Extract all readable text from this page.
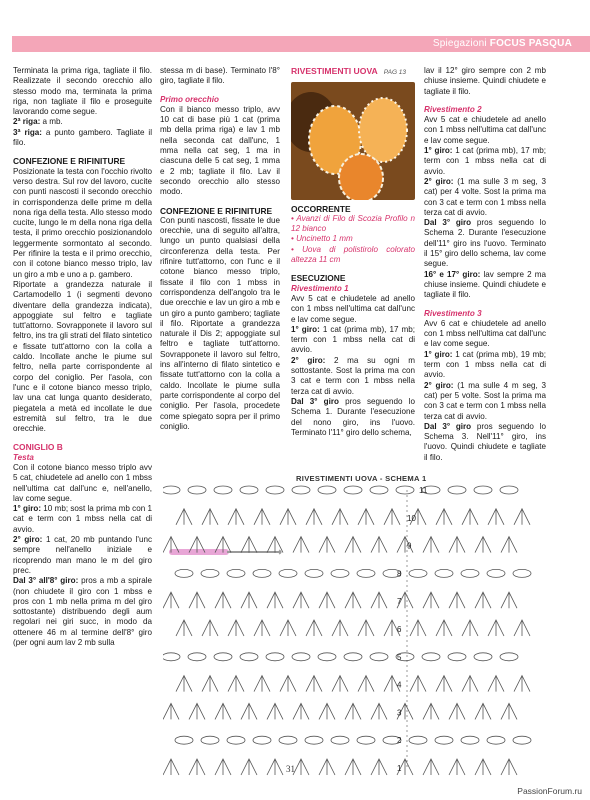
Spiegazioni FOCUS PASQUA

Terminata la prima riga, tagliate il filo. Realizzate il secondo orecchio allo stesso modo ma, terminata la prima riga, non tagliate il filo e proseguite lavorando come segue.

2ª riga: a mb.

3ª riga: a punto gambero. Tagliate il filo.

CONFEZIONE E RIFINITURE

Posizionate la testa con l'occhio rivolto verso destra. Sul rov del lavoro, cucite con punti nascosti il secondo orecchio in corrispondenza delle prime m della nona riga della testa. Allo stesso modo cucite, lungo le m della nona riga della testa, il primo orecchio posizionandolo leggermente sormontato al secondo. Per rifinire la testa e il primo orecchio, con il cotone bianco messo triplo, lav un giro a mb e uno a p. gambero.

Riportate a grandezza naturale il Cartamodello 1 (i segmenti devono diventare della grandezza indicata), appoggiate sul feltro e tagliate tutt'attorno. Sovrapponete il lavoro sul feltro, ins tra gli strati del filato sintetico e fissate tutt'attorno con la colla a caldo. Incollate anche le piume sul feltro, nella parte corrispondente al corpo del coniglio. Per l'asola, con l'unc e il cotone bianco messo triplo, lav una cat lunga quanto desiderato, piegatela a metà ed incollate le due estremità sul feltro, tra le due orecchie.

CONIGLIO B

Testa

Con il cotone bianco messo triplo avv 5 cat, chiudetele ad anello con 1 mbss nell'ultima cat dall'unc e, nell'anello, lav come segue.

1° giro: 10 mb; sost la prima mb con 1 cat e term con 1 mbss nella cat di avvio.

2° giro: 1 cat, 20 mb puntando l'unc sempre nell'anello iniziale e ricoprendo man mano le m del giro prec.

Dal 3° all'8° giro: pros a mb a spirale (non chiudete il giro con 1 mbss e pros con 1 mb nella prima m del giro sottostante) distribuendo degli aum regolari nei giri succ, in modo da ottenere 46 m al termine dell'8° giro (per ogni aum lav 2 mb sulla

stessa m di base). Terminato l'8° giro, tagliate il filo.

Primo orecchio

Con il bianco messo triplo, avv 10 cat di base più 1 cat (prima mb della prima riga) e lav 1 mb nella seconda cat dall'unc, 1 mma nella cat seg, 1 ma in ciascuna delle 5 cat seg, 1 mma e 2 mb; tagliate il filo. Lav il secondo orecchio allo stesso modo.

CONFEZIONE E RIFINITURE

Con punti nascosti, fissate le due orecchie, una di seguito all'altra, lungo un punto qualsiasi della circonferenza della testa. Per rifinire tutt'attorno, con l'unc e il cotone bianco messo triplo, fissate il filo con 1 mbss in corrispondenza dell'angolo tra le due orecchie e lav un giro a mb e un giro a punto gambero; tagliate il filo. Riportate a grandezza naturale il Dis 2; appoggiate sul feltro e tagliate tutt'attorno. Sovrapponete il lavoro sul feltro, ins all'interno di filato sintetico e fissate tutt'attorno con la colla a caldo. Incollate le piume sulla parte corrispondente al corpo del coniglio. Per l'asola, procedete come spiegato sopra per il primo coniglio.

RIVESTIMENTI UOVA PAG 13

OCCORRENTE

• Avanzi di Filo di Scozia Profilo n 12 bianco

• Uncinetto 1 mm

• Uova di polistirolo colorato altezza 11 cm

ESECUZIONE

Rivestimento 1

Avv 5 cat e chiudetele ad anello con 1 mbss nell'ultima cat dall'unc e lav come segue.

1° giro: 1 cat (prima mb), 17 mb; term con 1 mbss nella cat di avvio.

2° giro: 2 ma su ogni m sottostante. Sost la prima ma con 3 cat e term con 1 mbss nella terza cat di avvio.

Dal 3° giro pros seguendo lo Schema 1. Durante l'esecuzione del nono giro, ins l'uovo. Terminato l'11° giro dello schema,

lav il 12° giro sempre con 2 mb chiuse insieme. Quindi chiudete e tagliate il filo.

Rivestimento 2

Avv 5 cat e chiudetele ad anello con 1 mbss nell'ultima cat dall'unc e lav come segue.

1° giro: 1 cat (prima mb), 17 mb; term con 1 mbss nella cat di avvio.

2° giro: (1 ma sulle 3 m seg, 3 cat) per 4 volte. Sost la prima ma con 3 cat e term con 1 mbss nella terza cat di avvio.

Dal 3° giro pros seguendo lo Schema 2. Durante l'esecuzione dell'11° giro ins l'uovo. Terminato il 15° giro dello schema, lav come segue.

16° e 17° giro: lav sempre 2 ma chiuse insieme. Quindi chiudete e tagliate il filo.

Rivestimento 3

Avv 6 cat e chiudetele ad anello con 1 mbss nell'ultima cat dall'unc e lav come segue.

1° giro: 1 cat (prima mb), 19 mb; term con 1 mbss nella cat di avvio.

2° giro: (1 ma sulle 4 m seg, 3 cat) per 5 volte. Sost la prima ma con 3 cat e term con 1 mbss nella terza cat di avvio.

Dal 3° giro pros seguendo lo Schema 3. Nell'11° giro, ins l'uovo. Quindi chiudete e tagliate il filo.

RIVESTIMENTI UOVA - SCHEMA 1
11
10
9
8
7
6
5
4
3
2
1
31
PassionForum.ru
